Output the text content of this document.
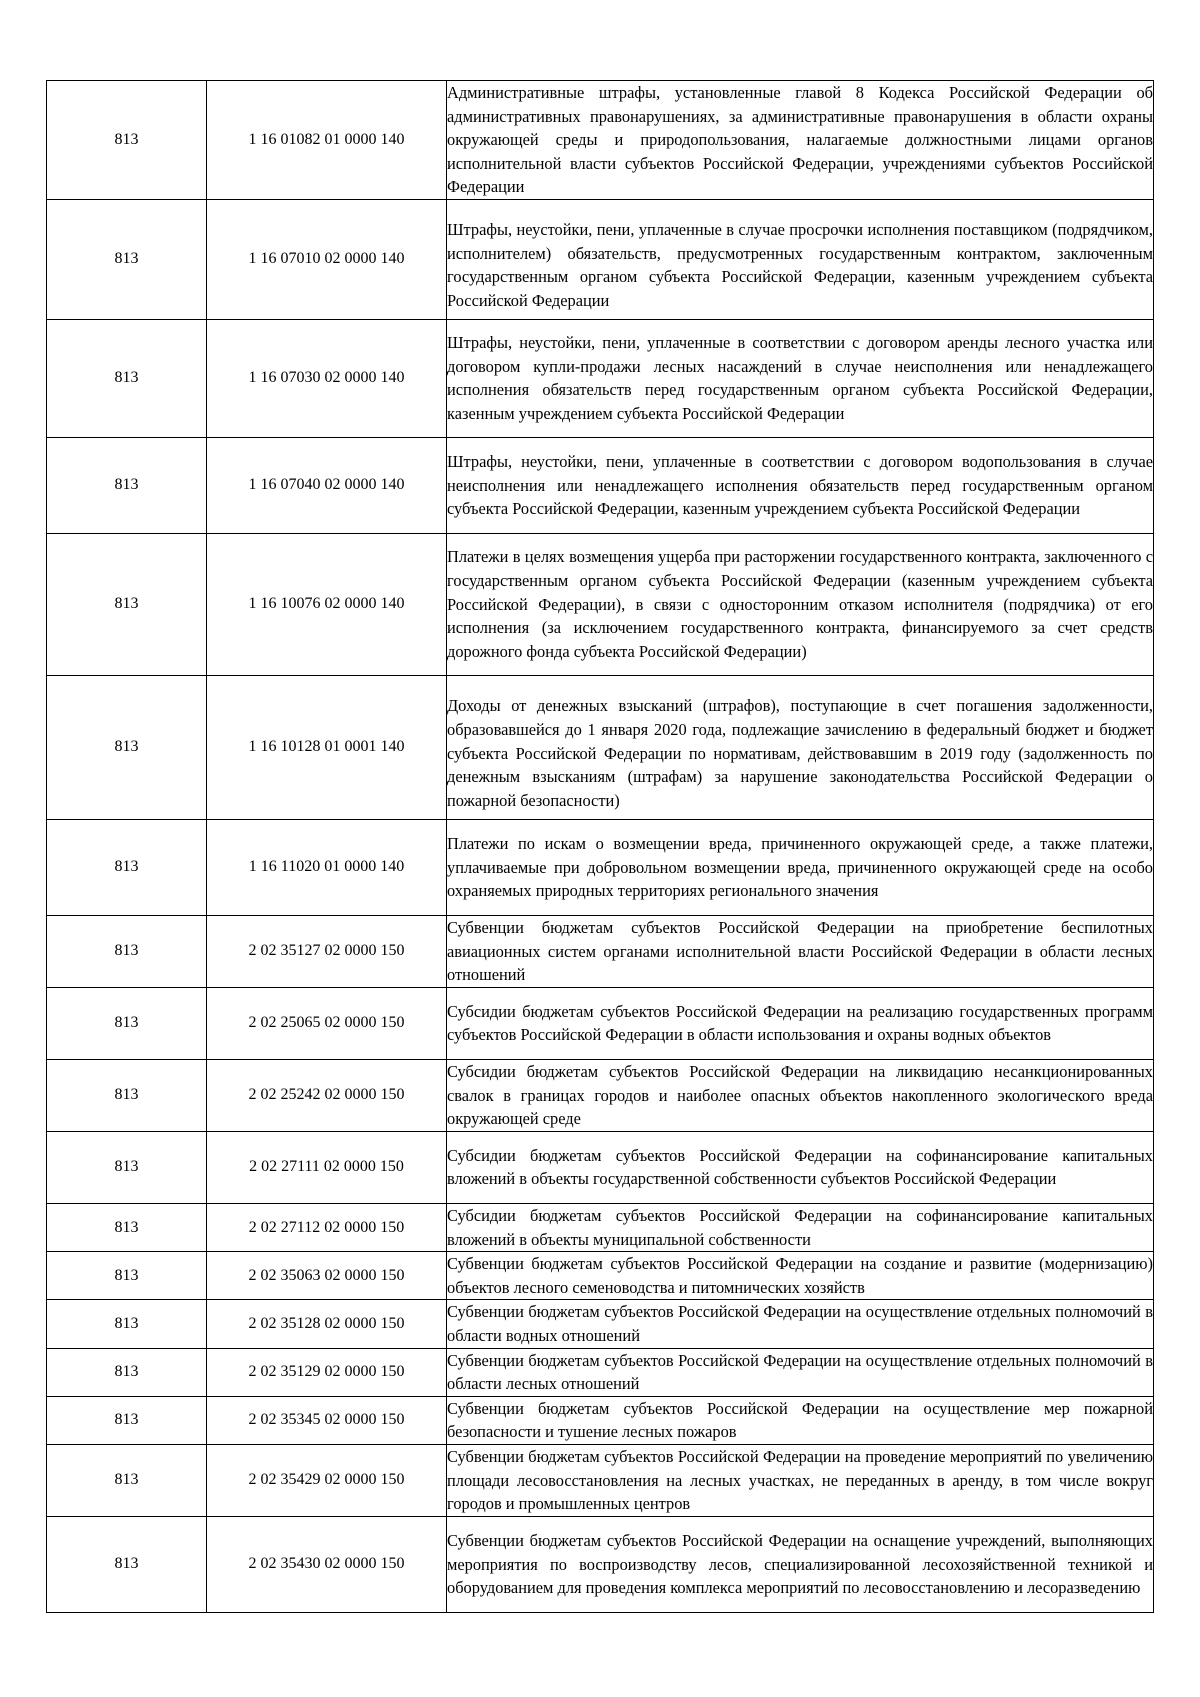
813	1 16 01082 01 0000 140	Административные штрафы, установленные главой 8 Кодекса Российской Федерации об административных правонарушениях, за административные правонарушения в области охраны окружающей среды и природопользования, налагаемые должностными лицами органов исполнительной власти субъектов Российской Федерации, учреждениями субъектов Российской Федерации
813	1 16 07010 02 0000 140	Штрафы, неустойки, пени, уплаченные в случае просрочки исполнения поставщиком (подрядчиком, исполнителем) обязательств, предусмотренных государственным контрактом, заключенным государственным органом субъекта Российской Федерации, казенным учреждением субъекта Российской Федерации
813	1 16 07030 02 0000 140	Штрафы, неустойки, пени, уплаченные в соответствии с договором аренды лесного участка или договором купли-продажи лесных насаждений в случае неисполнения или ненадлежащего исполнения обязательств перед государственным органом субъекта Российской Федерации, казенным учреждением субъекта Российской Федерации
813	1 16 07040 02 0000 140	Штрафы, неустойки, пени, уплаченные в соответствии с договором водопользования в случае неисполнения или ненадлежащего исполнения обязательств перед государственным органом субъекта Российской Федерации, казенным учреждением субъекта Российской Федерации
813	1 16 10076 02 0000 140	Платежи в целях возмещения ущерба при расторжении государственного контракта, заключенного с государственным органом субъекта Российской Федерации (казенным учреждением субъекта Российской Федерации), в связи с односторонним отказом исполнителя (подрядчика) от его исполнения (за исключением государственного контракта, финансируемого за счет средств дорожного фонда субъекта Российской Федерации)
813	1 16 10128 01 0001 140	Доходы от денежных взысканий (штрафов), поступающие в счет погашения задолженности, образовавшейся до 1 января 2020 года, подлежащие зачислению в федеральный бюджет и бюджет субъекта Российской Федерации по нормативам, действовавшим в 2019 году (задолженность по денежным взысканиям (штрафам) за нарушение законодательства Российской Федерации о пожарной безопасности)
813	1 16 11020 01 0000 140	Платежи по искам о возмещении вреда, причиненного окружающей среде, а также платежи, уплачиваемые при добровольном возмещении вреда, причиненного окружающей среде на особо охраняемых природных территориях регионального значения
813	2 02 35127 02 0000 150	Субвенции бюджетам субъектов Российской Федерации на приобретение беспилотных авиационных систем органами исполнительной власти Российской Федерации в области лесных отношений
813	2 02 25065 02 0000 150	Субсидии бюджетам субъектов Российской Федерации на реализацию государственных программ субъектов Российской Федерации в области использования и охраны водных объектов
813	2 02 25242 02 0000 150	Субсидии бюджетам субъектов Российской Федерации на ликвидацию несанкционированных свалок в границах городов и наиболее опасных объектов накопленного экологического вреда окружающей среде
813	2 02 27111 02 0000 150	Субсидии бюджетам субъектов Российской Федерации на софинансирование капитальных вложений в объекты государственной собственности субъектов Российской Федерации
813	2 02 27112 02 0000 150	Субсидии бюджетам субъектов Российской Федерации на софинансирование капитальных вложений в объекты муниципальной собственности
813	2 02 35063 02 0000 150	Субвенции бюджетам субъектов Российской Федерации на создание и развитие (модернизацию) объектов лесного семеноводства и питомнических хозяйств
813	2 02 35128 02 0000 150	Субвенции бюджетам субъектов Российской Федерации на осуществление отдельных полномочий в области водных отношений
813	2 02 35129 02 0000 150	Субвенции бюджетам субъектов Российской Федерации на осуществление отдельных полномочий в области лесных отношений
813	2 02 35345 02 0000 150	Субвенции бюджетам субъектов Российской Федерации на осуществление мер пожарной безопасности и тушение лесных пожаров
813	2 02 35429 02 0000 150	Субвенции бюджетам субъектов Российской Федерации на проведение мероприятий по увеличению площади лесовосстановления на лесных участках, не переданных в аренду, в том числе вокруг городов и промышленных центров
813	2 02 35430 02 0000 150	Субвенции бюджетам субъектов Российской Федерации на оснащение учреждений, выполняющих мероприятия по воспроизводству лесов, специализированной лесохозяйственной техникой и оборудованием для проведения комплекса мероприятий по лесовосстановлению и лесоразведению
